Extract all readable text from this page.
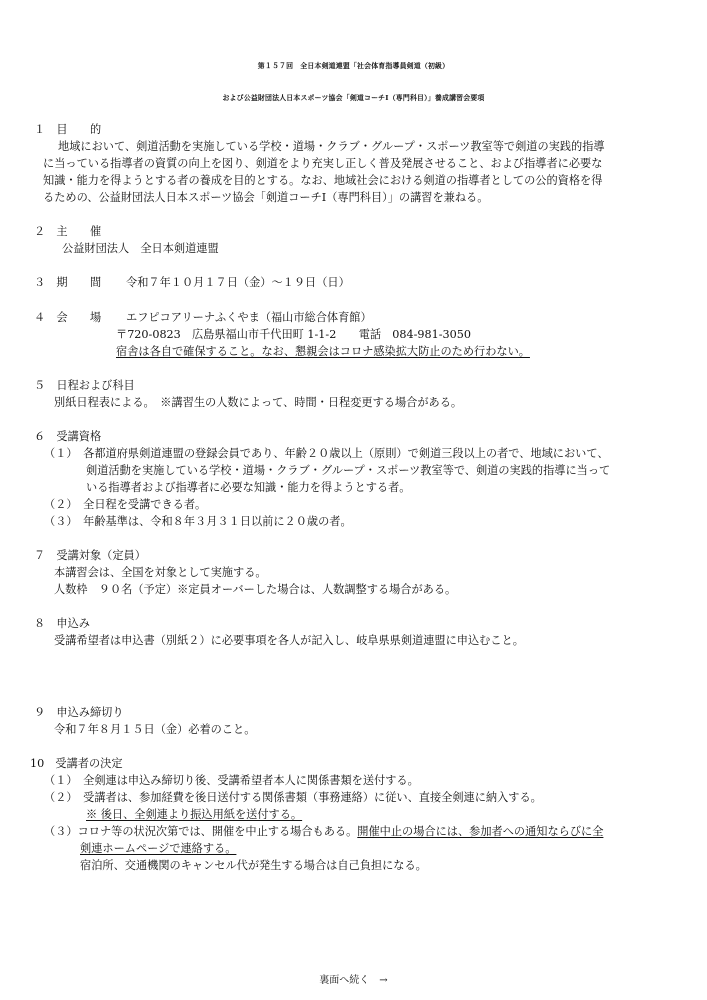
第１５７回　全日本剣道連盟「社会体育指導員剣道（初級）
および公益財団法人日本スポーツ協会「剣道コーチⅠ（専門科目）」養成講習会要項
１　目　　的
地域において、剣道活動を実施している学校・道場・クラブ・グループ・スポーツ教室等で剣道の実践的指導
に当っている指導者の資質の向上を図り、剣道をより充実し正しく普及発展させること、および指導者に必要な
知識・能力を得ようとする者の養成を目的とする。なお、地域社会における剣道の指導者としての公的資格を得
るための、公益財団法人日本スポーツ協会「剣道コーチⅠ（専門科目）」の講習を兼ねる。
２　主　　催
公益財団法人　全日本剣道連盟
３　期　　間 令和７年１０月１７日（金）～１９日（日）
４　会　　場 エフピコアリーナふくやま（福山市総合体育館）
〒720-0823　広島県福山市千代田町 1-1-2　　電話　084-981-3050
宿舎は各自で確保すること。なお、懇親会はコロナ感染拡大防止のため行わない。
５　日程および科目
別紙日程表による。　※講習生の人数によって、時間・日程変更する場合がある。
６　受講資格
（１）　各都道府県剣道連盟の登録会員であり、年齢２０歳以上（原則）で剣道三段以上の者で、地域において、
剣道活動を実施している学校・道場・クラブ・グループ・スポーツ教室等で、剣道の実践的指導に当って
いる指導者および指導者に必要な知識・能力を得ようとする者。
（２）　全日程を受講できる者。
（３）　年齢基準は、令和８年３月３１日以前に２０歳の者。
７　受講対象（定員）
本講習会は、全国を対象として実施する。
人数枠　９０名（予定）※定員オーバーした場合は、人数調整する場合がある。
８　申込み
受講希望者は申込書（別紙２）に必要事項を各人が記入し、岐阜県県剣道連盟に申込むこと。
９　申込み締切り
令和７年８月１５日（金）必着のこと。
10　受講者の決定
（１）　全剣連は申込み締切り後、受講希望者本人に関係書類を送付する。
（２）　受講者は、参加経費を後日送付する関係書類（事務連絡）に従い、直接全剣連に納入する。
※ 後日、全剣連より振込用紙を送付する。
（３）コロナ等の状況次第では、開催を中止する場合もある。開催中止の場合には、参加者への通知ならびに全
剣連ホームページで連絡する。
宿泊所、交通機関のキャンセル代が発生する場合は自己負担になる。
裏面へ続く　→
